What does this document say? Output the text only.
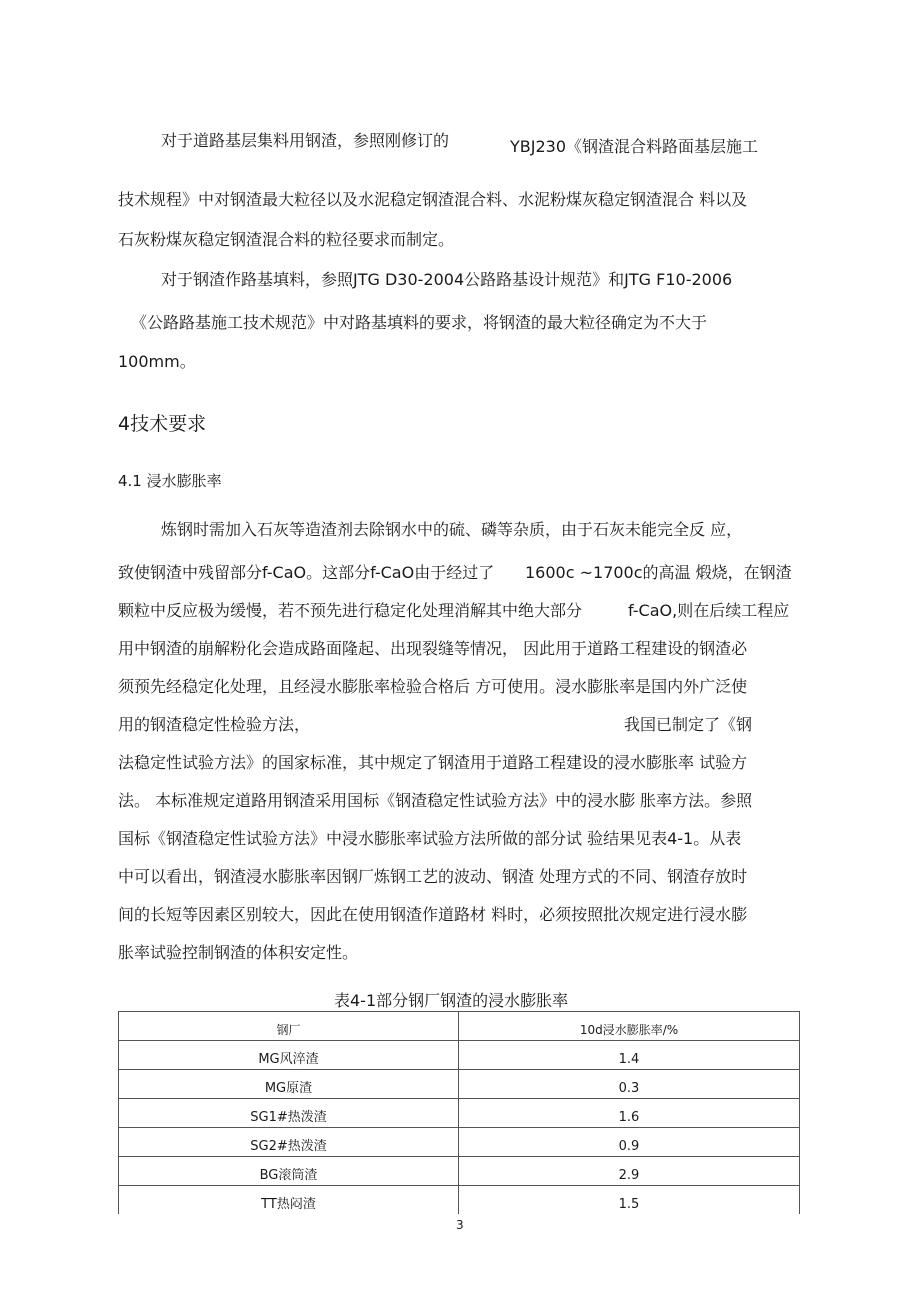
对于道路基层集料用钢渣，参照刚修订的	YBJ230《钢渣混合料路面基层施工
技术规程》中对钢渣最大粒径以及水泥稳定钢渣混合料、水泥粉煤灰稳定钢渣混合 料以及
石灰粉煤灰稳定钢渣混合料的粒径要求而制定。
对于钢渣作路基填料，参照JTG D30-2004公路路基设计规范》和JTG F10-2006
《公路路基施工技术规范》中对路基填料的要求，将钢渣的最大粒径确定为不大于
100mm。
4技术要求
4.1 浸水膨胀率
炼钢时需加入石灰等造渣剂去除钢水中的硫、磷等杂质，由于石灰未能完全反 应，
致使钢渣中残留部分f-CaO。这部分f-CaO由于经过了 1600c ~1700c的高温 煅烧，在钢渣
颗粒中反应极为缓慢，若不预先进行稳定化处理消解其中绝大部分	f-CaO,则在后续工程应
用中钢渣的崩解粉化会造成路面隆起、出现裂缝等情况， 因此用于道路工程建设的钢渣必
须预先经稳定化处理，且经浸水膨胀率检验合格后 方可使用。浸水膨胀率是国内外广泛使
用的钢渣稳定性检验方法，	我国已制定了《钢
法稳定性试验方法》的国家标准，其中规定了钢渣用于道路工程建设的浸水膨胀率 试验方
法。 本标准规定道路用钢渣采用国标《钢渣稳定性试验方法》中的浸水膨 胀率方法。参照
国标《钢渣稳定性试验方法》中浸水膨胀率试验方法所做的部分试 验结果见表4-1。从表
中可以看出，钢渣浸水膨胀率因钢厂炼钢工艺的波动、钢渣 处理方式的不同、钢渣存放时
间的长短等因素区别较大，因此在使用钢渣作道路材 料时，必须按照批次规定进行浸水膨
胀率试验控制钢渣的体积安定性。
表4-1部分钢厂钢渣的浸水膨胀率
钢厂	10d浸水膨胀率/%
MG风淬渣	1.4
MG原渣	0.3
SG1#热泼渣	1.6
SG2#热泼渣	0.9
BG滚筒渣	2.9
TT热闷渣	1.5
3
